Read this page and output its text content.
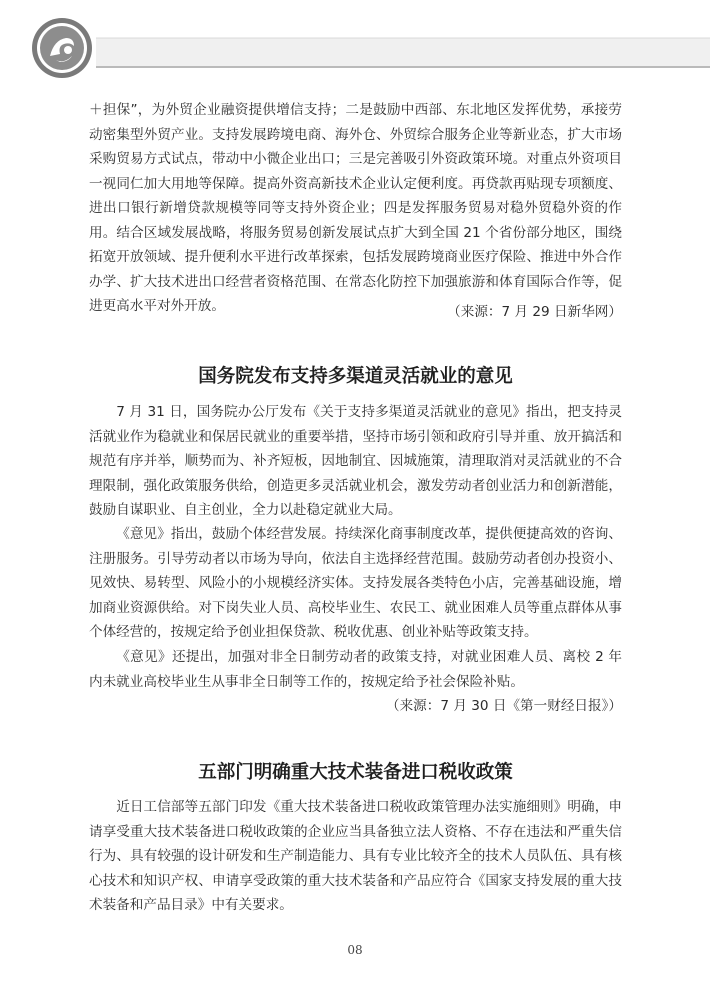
＋担保”，为外贸企业融资提供增信支持；二是鼓励中西部、东北地区发挥优势，承接劳动密集型外贸产业。支持发展跨境电商、海外仓、外贸综合服务企业等新业态，扩大市场采购贸易方式试点，带动中小微企业出口；三是完善吸引外资政策环境。对重点外资项目一视同仁加大用地等保障。提高外资高新技术企业认定便利度。再贷款再贴现专项额度、进出口银行新增贷款规模等同等支持外资企业；四是发挥服务贸易对稳外贸稳外资的作用。结合区域发展战略，将服务贸易创新发展试点扩大到全国 21 个省份部分地区，围绕拓宽开放领域、提升便利水平进行改革探索，包括发展跨境商业医疗保险、推进中外合作办学、扩大技术进出口经营者资格范围、在常态化防控下加强旅游和体育国际合作等，促进更高水平对外开放。	（来源：7 月 29 日新华网）
国务院发布支持多渠道灵活就业的意见
7 月 31 日，国务院办公厅发布《关于支持多渠道灵活就业的意见》指出，把支持灵活就业作为稳就业和保居民就业的重要举措，坚持市场引领和政府引导并重、放开搞活和规范有序并举，顺势而为、补齐短板，因地制宜、因城施策，清理取消对灵活就业的不合理限制，强化政策服务供给，创造更多灵活就业机会，激发劳动者创业活力和创新潜能，鼓励自谋职业、自主创业，全力以赴稳定就业大局。
《意见》指出，鼓励个体经营发展。持续深化商事制度改革，提供便捷高效的咨询、注册服务。引导劳动者以市场为导向，依法自主选择经营范围。鼓励劳动者创办投资小、见效快、易转型、风险小的小规模经济实体。支持发展各类特色小店，完善基础设施，增加商业资源供给。对下岗失业人员、高校毕业生、农民工、就业困难人员等重点群体从事个体经营的，按规定给予创业担保贷款、税收优惠、创业补贴等政策支持。
《意见》还提出，加强对非全日制劳动者的政策支持，对就业困难人员、离校 2 年内未就业高校毕业生从事非全日制等工作的，按规定给予社会保险补贴。
（来源：7 月 30 日《第一财经日报》）
五部门明确重大技术装备进口税收政策
近日工信部等五部门印发《重大技术装备进口税收政策管理办法实施细则》明确，申请享受重大技术装备进口税收政策的企业应当具备独立法人资格、不存在违法和严重失信行为、具有较强的设计研发和生产制造能力、具有专业比较齐全的技术人员队伍、具有核心技术和知识产权、申请享受政策的重大技术装备和产品应符合《国家支持发展的重大技术装备和产品目录》中有关要求。
08
